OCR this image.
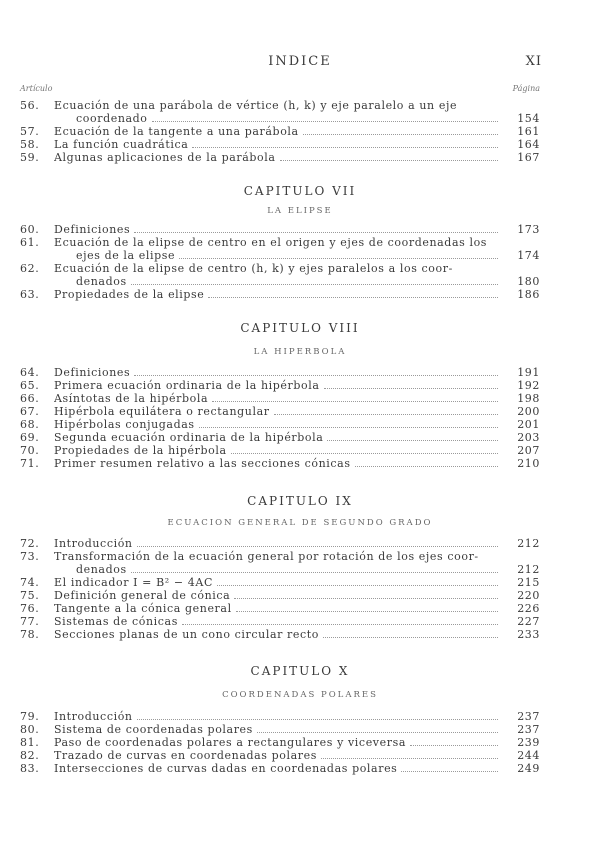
INDICE	XI
Artículo	Página
56.	Ecuación de una parábola de vértice (h, k) y eje paralelo a un eje
coordenado	154
57.	Ecuación de la tangente a una parábola	161
58.	La función cuadrática	164
59.	Algunas aplicaciones de la parábola	167
CAPITULO VII
LA ELIPSE
60.	Definiciones	173
61.	Ecuación de la elipse de centro en el origen y ejes de coordenadas los
ejes de la elipse	174
62.	Ecuación de la elipse de centro (h, k) y ejes paralelos a los coor-
denados	180
63.	Propiedades de la elipse	186
CAPITULO VIII
LA HIPERBOLA
64.	Definiciones	191
65.	Primera ecuación ordinaria de la hipérbola	192
66.	Asíntotas de la hipérbola	198
67.	Hipérbola equilátera o rectangular	200
68.	Hipérbolas conjugadas	201
69.	Segunda ecuación ordinaria de la hipérbola	203
70.	Propiedades de la hipérbola	207
71.	Primer resumen relativo a las secciones cónicas	210
CAPITULO IX
ECUACION GENERAL DE SEGUNDO GRADO
72.	Introducción	212
73.	Transformación de la ecuación general por rotación de los ejes coor-
denados	212
74.	El indicador I = B² − 4AC	215
75.	Definición general de cónica	220
76.	Tangente a la cónica general	226
77.	Sistemas de cónicas	227
78.	Secciones planas de un cono circular recto	233
CAPITULO X
COORDENADAS POLARES
79.	Introducción	237
80.	Sistema de coordenadas polares	237
81.	Paso de coordenadas polares a rectangulares y viceversa	239
82.	Trazado de curvas en coordenadas polares	244
83.	Intersecciones de curvas dadas en coordenadas polares	249
